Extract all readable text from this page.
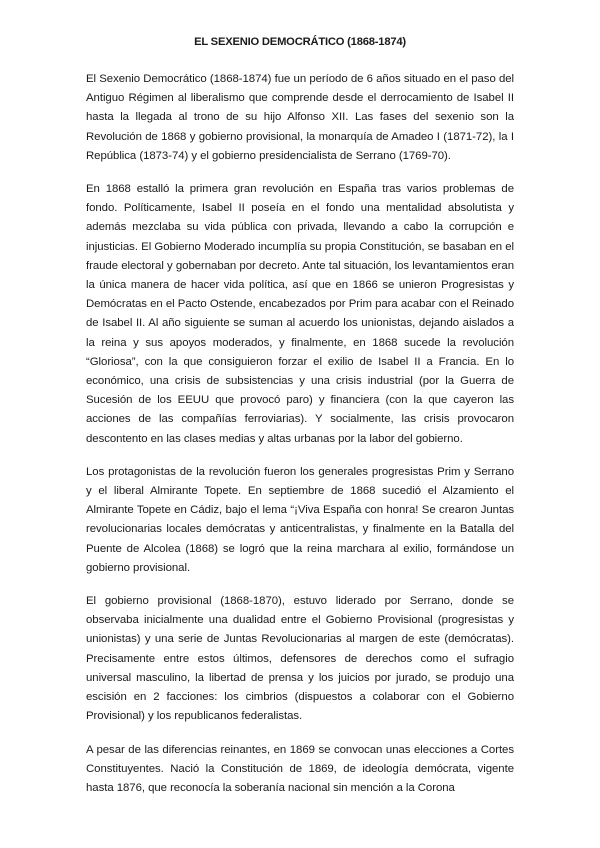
EL SEXENIO DEMOCRÁTICO (1868-1874)

El Sexenio Democrático (1868-1874) fue un período de 6 años situado en el paso del Antiguo Régimen al liberalismo que comprende desde el derrocamiento de Isabel II hasta la llegada al trono de su hijo Alfonso XII. Las fases del sexenio son la Revolución de 1868 y gobierno provisional, la monarquía de Amadeo I (1871-72), la I República (1873-74) y el gobierno presidencialista de Serrano (1769-70).

En 1868 estalló la primera gran revolución en España tras varios problemas de fondo. Políticamente, Isabel II poseía en el fondo una mentalidad absolutista y además mezclaba su vida pública con privada, llevando a cabo la corrupción e injusticias. El Gobierno Moderado incumplía su propia Constitución, se basaban en el fraude electoral y gobernaban por decreto. Ante tal situación, los levantamientos eran la única manera de hacer vida política, así que en 1866 se unieron Progresistas y Demócratas en el Pacto Ostende, encabezados por Prim para acabar con el Reinado de Isabel II. Al año siguiente se suman al acuerdo los unionistas, dejando aislados a la reina y sus apoyos moderados, y finalmente, en 1868 sucede la revolución “Gloriosa”, con la que consiguieron forzar el exilio de Isabel II a Francia. En lo económico, una crisis de subsistencias y una crisis industrial (por la Guerra de Sucesión de los EEUU que provocó paro) y financiera (con la que cayeron las acciones de las compañías ferroviarias). Y socialmente, las crisis provocaron descontento en las clases medias y altas urbanas por la labor del gobierno.

Los protagonistas de la revolución fueron los generales progresistas Prim y Serrano y el liberal Almirante Topete. En septiembre de 1868 sucedió el Alzamiento el Almirante Topete en Cádiz, bajo el lema “¡Viva España con honra! Se crearon Juntas revolucionarias locales demócratas y anticentralistas, y finalmente en la Batalla del Puente de Alcolea (1868) se logró que la reina marchara al exilio, formándose un gobierno provisional.

El gobierno provisional (1868-1870), estuvo liderado por Serrano, donde se observaba inicialmente una dualidad entre el Gobierno Provisional (progresistas y unionistas) y una serie de Juntas Revolucionarias al margen de este (demócratas). Precisamente entre estos últimos, defensores de derechos como el sufragio universal masculino, la libertad de prensa y los juicios por jurado, se produjo una escisión en 2 facciones: los cimbrios (dispuestos a colaborar con el Gobierno Provisional) y los republicanos federalistas.

A pesar de las diferencias reinantes, en 1869 se convocan unas elecciones a Cortes Constituyentes. Nació la Constitución de 1869, de ideología demócrata, vigente hasta 1876, que reconocía la soberanía nacional sin mención a la Corona
